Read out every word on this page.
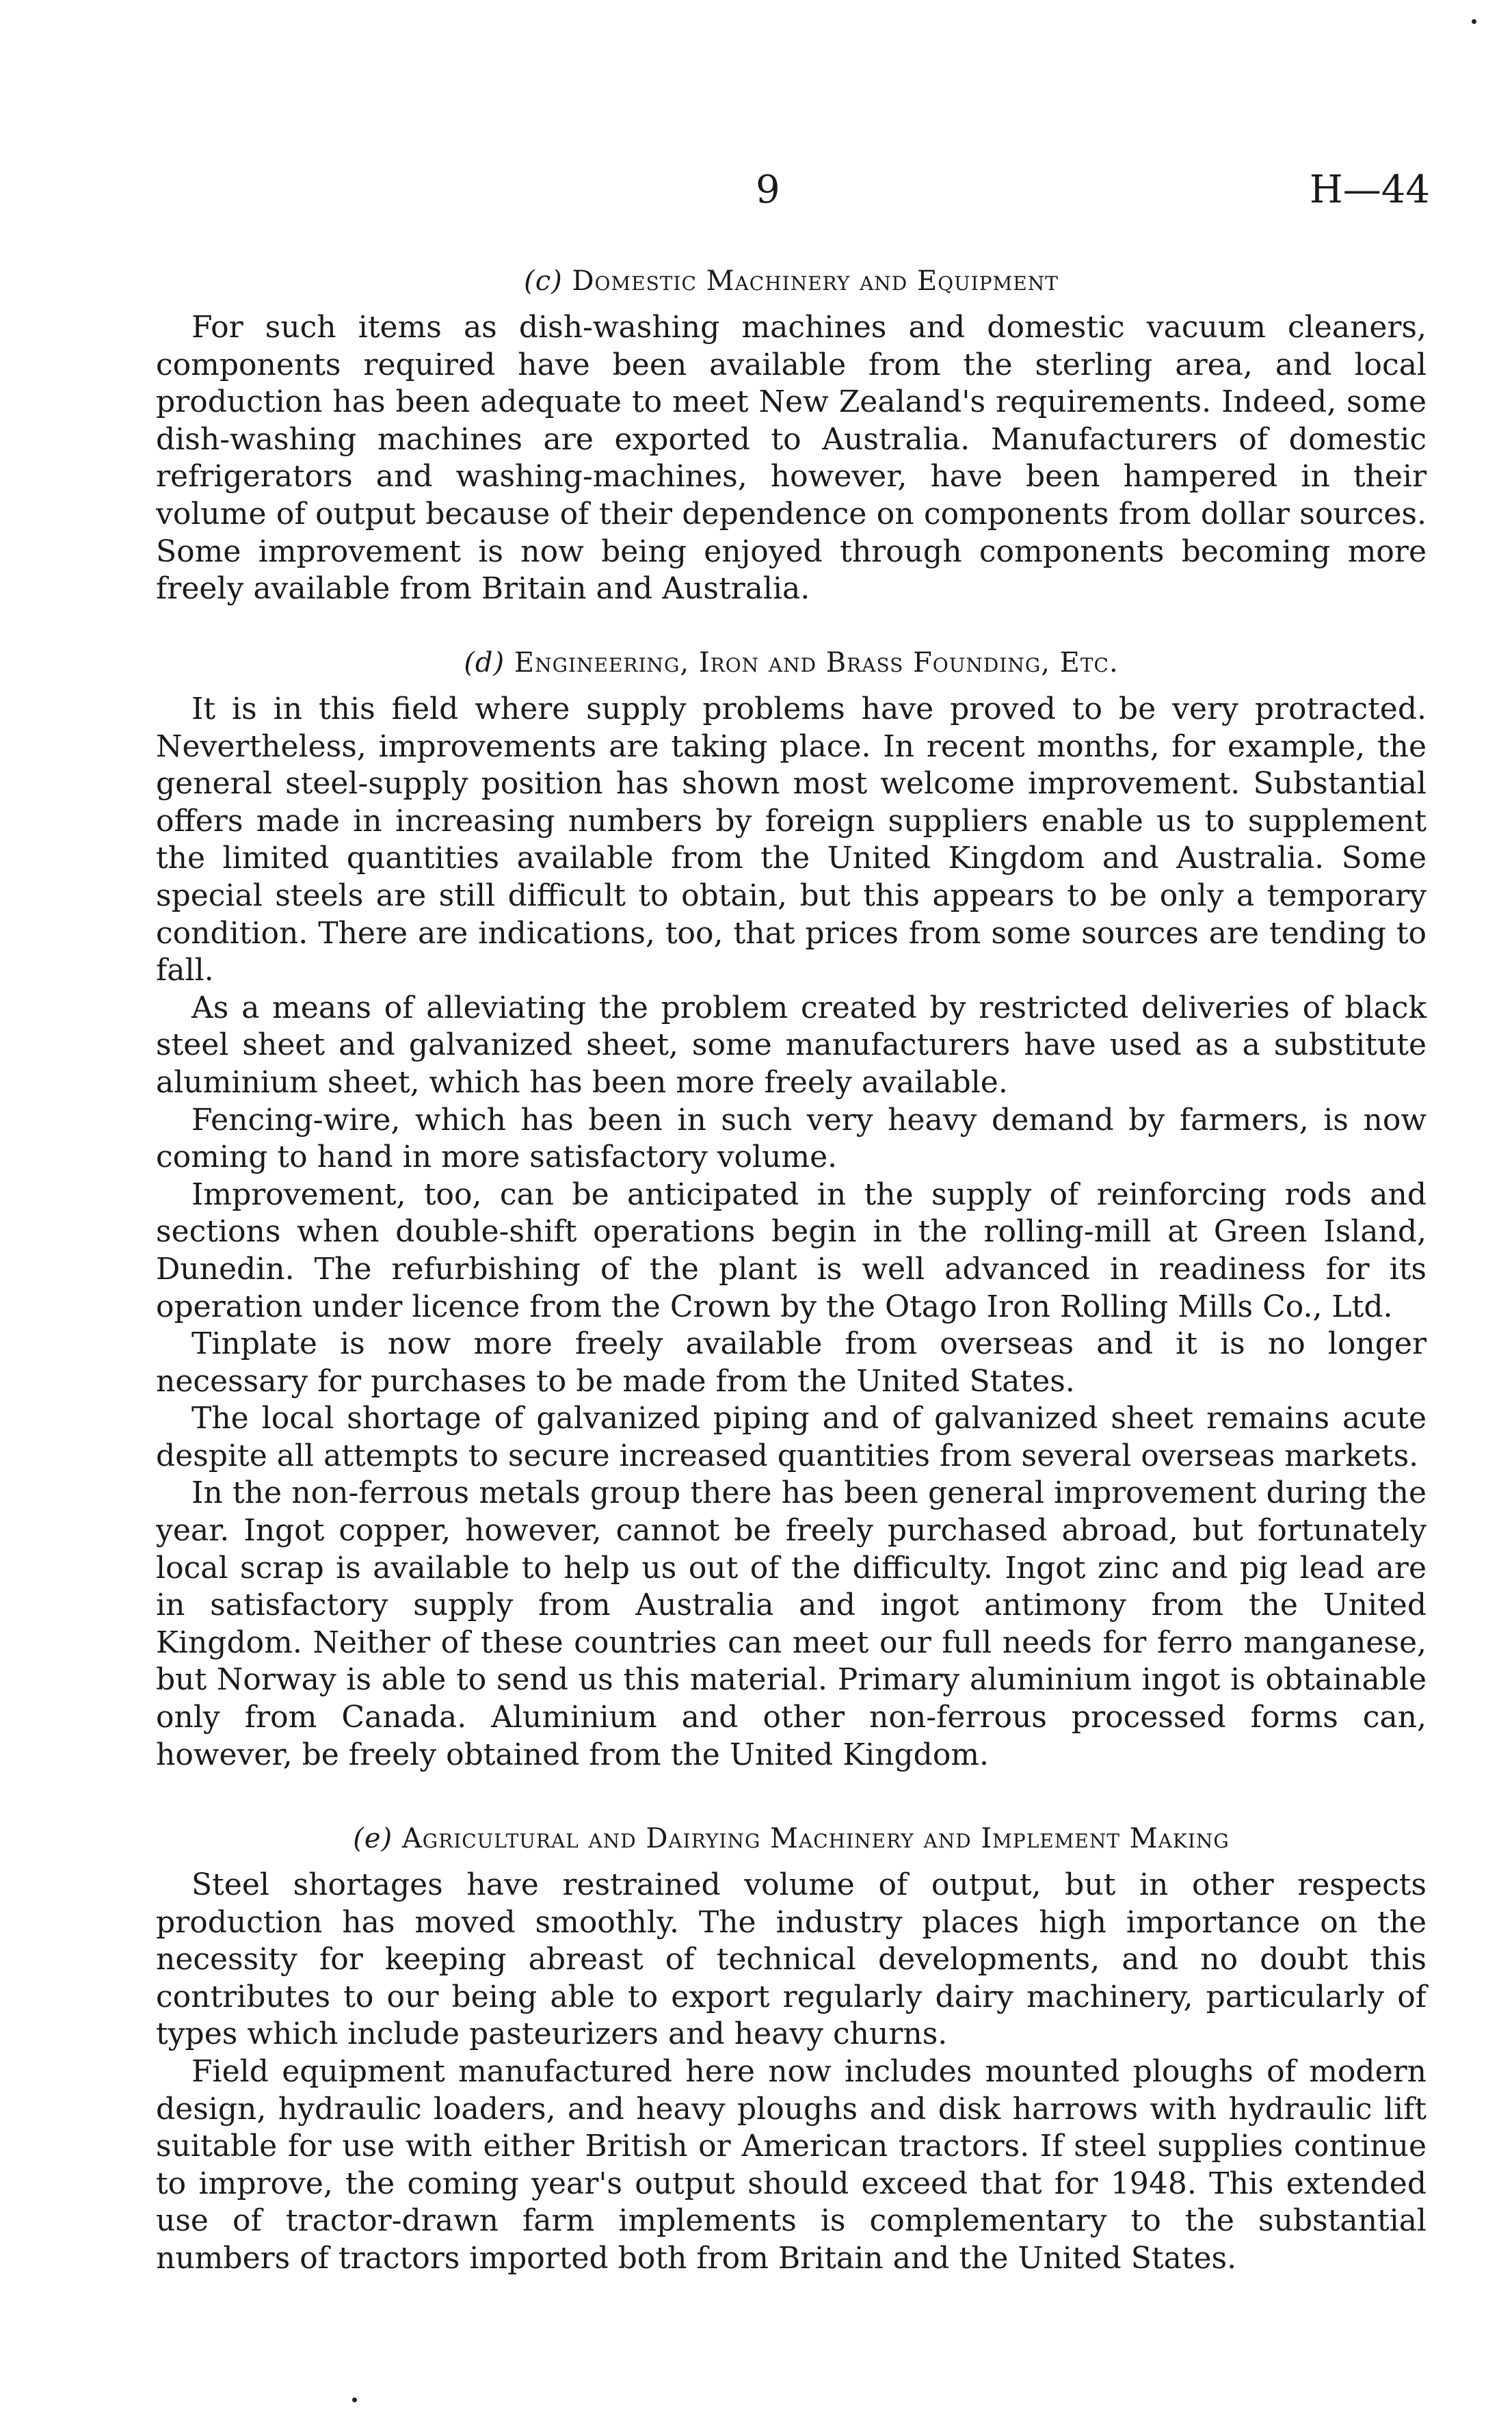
9	H—44
(c) Domestic Machinery and Equipment

For such items as dish-washing machines and domestic vacuum cleaners, components required have been available from the sterling area, and local production has been adequate to meet New Zealand's requirements. Indeed, some dish-washing machines are exported to Australia. Manufacturers of domestic refrigerators and washing-machines, however, have been hampered in their volume of output because of their dependence on components from dollar sources. Some improvement is now being enjoyed through components becoming more freely available from Britain and Australia.

(d) Engineering, Iron and Brass Founding, Etc.

It is in this field where supply problems have proved to be very protracted. Nevertheless, improvements are taking place. In recent months, for example, the general steel-supply position has shown most welcome improvement. Substantial offers made in increasing numbers by foreign suppliers enable us to supplement the limited quantities available from the United Kingdom and Australia. Some special steels are still difficult to obtain, but this appears to be only a temporary condition. There are indications, too, that prices from some sources are tending to fall.

As a means of alleviating the problem created by restricted deliveries of black steel sheet and galvanized sheet, some manufacturers have used as a substitute aluminium sheet, which has been more freely available.

Fencing-wire, which has been in such very heavy demand by farmers, is now coming to hand in more satisfactory volume.

Improvement, too, can be anticipated in the supply of reinforcing rods and sections when double-shift operations begin in the rolling-mill at Green Island, Dunedin. The refurbishing of the plant is well advanced in readiness for its operation under licence from the Crown by the Otago Iron Rolling Mills Co., Ltd.

Tinplate is now more freely available from overseas and it is no longer necessary for purchases to be made from the United States.

The local shortage of galvanized piping and of galvanized sheet remains acute despite all attempts to secure increased quantities from several overseas markets.

In the non-ferrous metals group there has been general improvement during the year. Ingot copper, however, cannot be freely purchased abroad, but fortunately local scrap is available to help us out of the difficulty. Ingot zinc and pig lead are in satisfactory supply from Australia and ingot antimony from the United Kingdom. Neither of these countries can meet our full needs for ferro manganese, but Norway is able to send us this material. Primary aluminium ingot is obtainable only from Canada. Aluminium and other non-ferrous processed forms can, however, be freely obtained from the United Kingdom.

(e) Agricultural and Dairying Machinery and Implement Making

Steel shortages have restrained volume of output, but in other respects production has moved smoothly. The industry places high importance on the necessity for keeping abreast of technical developments, and no doubt this contributes to our being able to export regularly dairy machinery, particularly of types which include pasteurizers and heavy churns.

Field equipment manufactured here now includes mounted ploughs of modern design, hydraulic loaders, and heavy ploughs and disk harrows with hydraulic lift suitable for use with either British or American tractors. If steel supplies continue to improve, the coming year's output should exceed that for 1948. This extended use of tractor-drawn farm implements is complementary to the substantial numbers of tractors imported both from Britain and the United States.
